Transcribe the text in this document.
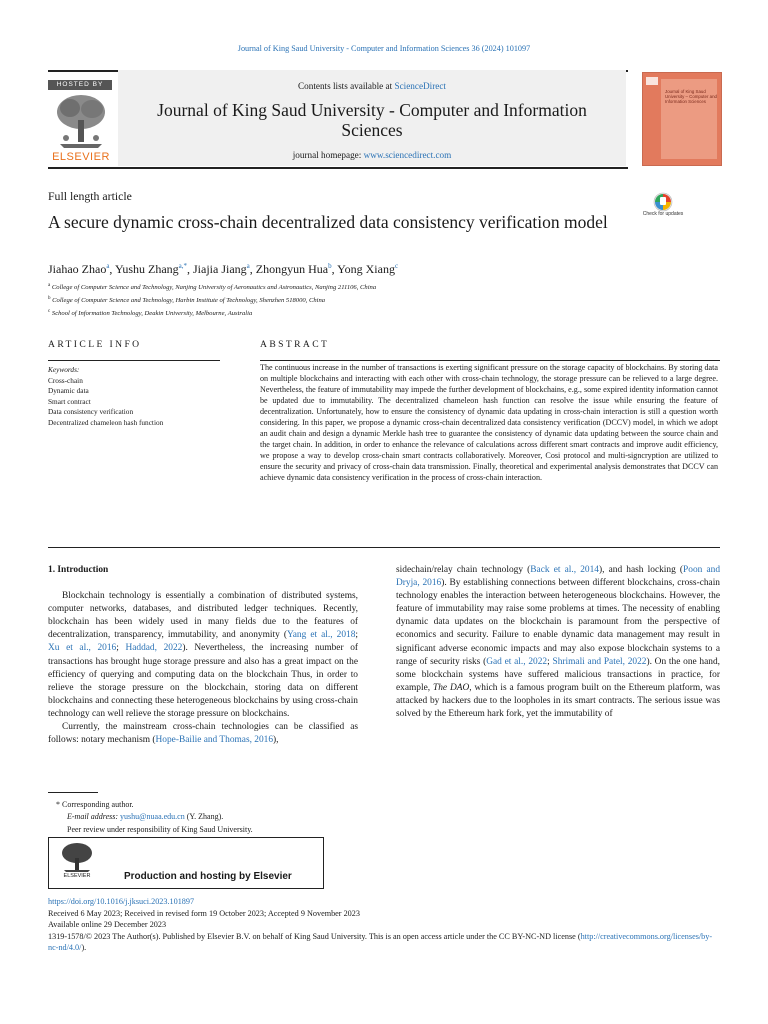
Journal of King Saud University - Computer and Information Sciences 36 (2024) 101097
HOSTED BY
ELSEVIER
Contents lists available at ScienceDirect
Journal of King Saud University - Computer and Information Sciences
journal homepage: www.sciencedirect.com
Journal of King Saud University – Computer and Information Sciences
Full length article
A secure dynamic cross-chain decentralized data consistency verification model	Check for updates
Jiahao Zhao$^a$, Yushu Zhang$^{a,*}$, Jiajia Jiang$^a$, Zhongyun Hua$^b$, Yong Xiang$^c$
$^a$ College of Computer Science and Technology, Nanjing University of Aeronautics and Astronautics, Nanjing 211106, China
$^b$ College of Computer Science and Technology, Harbin Institute of Technology, Shenzhen 518000, China
$^c$ School of Information Technology, Deakin University, Melbourne, Australia
ARTICLE INFO	ABSTRACT
Keywords:
Cross-chain
Dynamic data
Smart contract
Data consistency verification
Decentralized chameleon hash function
The continuous increase in the number of transactions is exerting significant pressure on the storage capacity of blockchains. By storing data on multiple blockchains and interacting with each other with cross-chain technology, the storage pressure can be relieved to a large degree. Nevertheless, the feature of immutability may impede the further development of blockchains, e.g., some expired identity information cannot be updated due to immutability. The decentralized chameleon hash function can resolve the issue while ensuring the feature of decentralization. Unfortunately, how to ensure the consistency of dynamic data updating in cross-chain interaction is still a question worth considering. In this paper, we propose a dynamic cross-chain decentralized data consistency verification (DCCV) model, in which we adopt an audit chain and design a dynamic Merkle hash tree to guarantee the consistency of dynamic data updating between the source chain and the target chain. In addition, in order to enhance the relevance of calculations across different smart contracts and improve audit efficiency, we propose a way to develop cross-chain smart contracts collaboratively. Moreover, Cosi protocol and multi-signcryption are utilized to ensure the security and privacy of cross-chain data transmission. Finally, theoretical and experimental analysis demonstrates that DCCV can achieve dynamic data consistency verification in the process of cross-chain interaction.
1. Introduction

Blockchain technology is essentially a combination of distributed systems, computer networks, databases, and distributed ledger techniques. Recently, blockchain has been widely used in many fields due to the features of decentralization, transparency, immutability, and anonymity (Yang et al., 2018; Xu et al., 2016; Haddad, 2022). Nevertheless, the increasing number of transactions has brought huge storage pressure and also has a great impact on the efficiency of querying and computing data on the blockchain Thus, in order to relieve the storage pressure on the blockchain, storing data on different blockchains and connecting these heterogeneous blockchains by using cross-chain technology can well relieve the storage pressure on blockchains.

Currently, the mainstream cross-chain technologies can be classified as follows: notary mechanism (Hope-Bailie and Thomas, 2016),

sidechain/relay chain technology (Back et al., 2014), and hash locking (Poon and Dryja, 2016). By establishing connections between different blockchains, cross-chain technology enables the interaction between heterogeneous blockchains. However, the feature of immutability may raise some problems at times. The necessity of enabling dynamic data updates on the blockchain is paramount from the perspective of economics and security. Failure to enable dynamic data management may result in significant adverse economic impacts and may also expose blockchain systems to a range of security risks (Gad et al., 2022; Shrimali and Patel, 2022). On the one hand, some blockchain systems have suffered malicious transactions in practice, for example, The DAO, which is a famous program built on the Ethereum platform, was attacked by hackers due to the loopholes in its smart contracts. The serious issue was solved by the Ethereum hark fork, yet the immutability of

* Corresponding author.
E-mail address: yushu@nuaa.edu.cn (Y. Zhang).
Peer review under responsibility of King Saud University.
ELSEVIER	Production and hosting by Elsevier
https://doi.org/10.1016/j.jksuci.2023.101897
Received 6 May 2023; Received in revised form 19 October 2023; Accepted 9 November 2023
Available online 29 December 2023
1319-1578/© 2023 The Author(s). Published by Elsevier B.V. on behalf of King Saud University. This is an open access article under the CC BY-NC-ND license (http://creativecommons.org/licenses/by-nc-nd/4.0/).
